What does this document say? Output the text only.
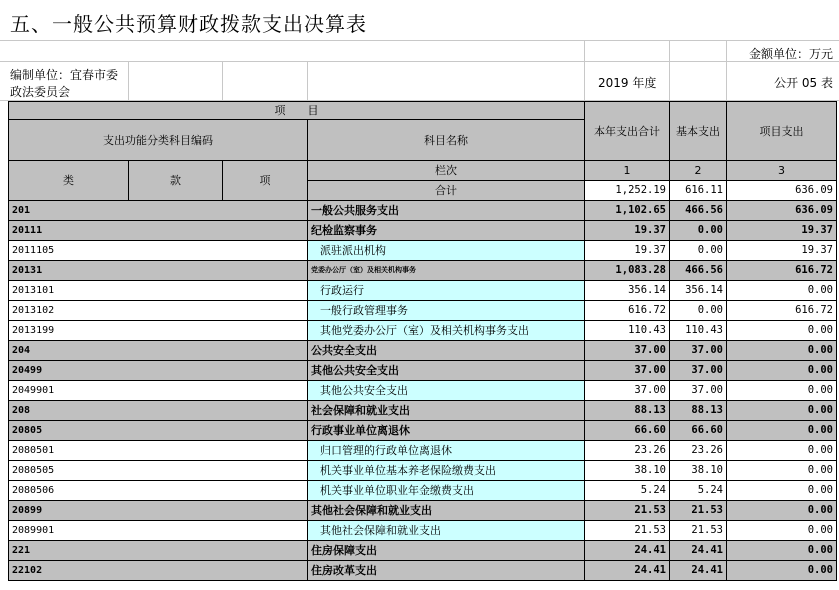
五、一般公共预算财政拨款支出决算表
金额单位：万元
编制单位：宜春市委
政法委员会
2019 年度	公开 05 表
项　　目				本年支出合计	基本支出	项目支出
支出功能分类科目编码			科目名称			

类	款	项	栏次	1	2	3
			合计	1,252.19	616.11	636.09
201			一般公共服务支出	1,102.65	466.56	636.09
20111			纪检监察事务	19.37	0.00	19.37
2011105			派驻派出机构	19.37	0.00	19.37
20131			党委办公厅（室）及相关机构事务	1,083.28	466.56	616.72
2013101			行政运行	356.14	356.14	0.00
2013102			一般行政管理事务	616.72	0.00	616.72
2013199			其他党委办公厅（室）及相关机构事务支出	110.43	110.43	0.00
204			公共安全支出	37.00	37.00	0.00
20499			其他公共安全支出	37.00	37.00	0.00
2049901			其他公共安全支出	37.00	37.00	0.00
208			社会保障和就业支出	88.13	88.13	0.00
20805			行政事业单位离退休	66.60	66.60	0.00
2080501			归口管理的行政单位离退休	23.26	23.26	0.00
2080505			机关事业单位基本养老保险缴费支出	38.10	38.10	0.00
2080506			机关事业单位职业年金缴费支出	5.24	5.24	0.00
20899			其他社会保障和就业支出	21.53	21.53	0.00
2089901			其他社会保障和就业支出	21.53	21.53	0.00
221			住房保障支出	24.41	24.41	0.00
22102			住房改革支出	24.41	24.41	0.00
